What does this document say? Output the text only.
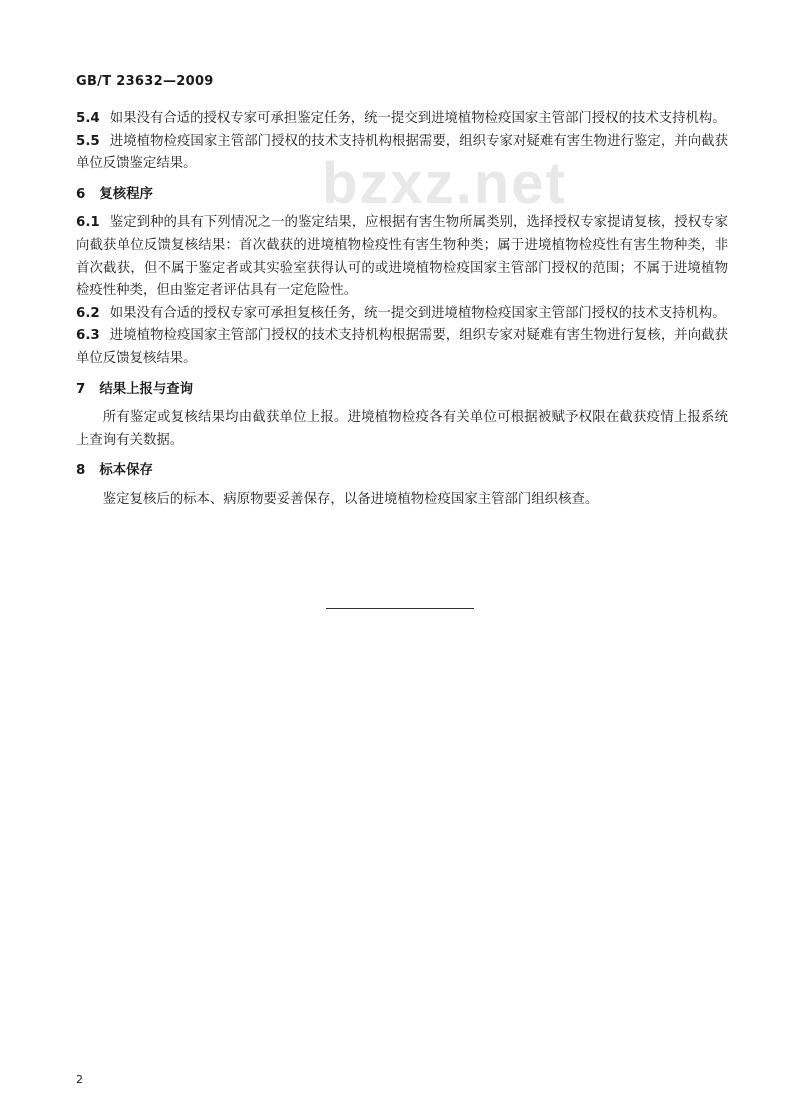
GB/T 23632—2009
bzxz.net

5.4 如果没有合适的授权专家可承担鉴定任务，统一提交到进境植物检疫国家主管部门授权的技术支持机构。

5.5 进境植物检疫国家主管部门授权的技术支持机构根据需要，组织专家对疑难有害生物进行鉴定，并向截获单位反馈鉴定结果。

6 复核程序

6.1 鉴定到种的具有下列情况之一的鉴定结果，应根据有害生物所属类别，选择授权专家提请复核，授权专家向截获单位反馈复核结果：首次截获的进境植物检疫性有害生物种类；属于进境植物检疫性有害生物种类，非首次截获，但不属于鉴定者或其实验室获得认可的或进境植物检疫国家主管部门授权的范围；不属于进境植物检疫性种类，但由鉴定者评估具有一定危险性。

6.2 如果没有合适的授权专家可承担复核任务，统一提交到进境植物检疫国家主管部门授权的技术支持机构。

6.3 进境植物检疫国家主管部门授权的技术支持机构根据需要，组织专家对疑难有害生物进行复核，并向截获单位反馈复核结果。

7 结果上报与查询

所有鉴定或复核结果均由截获单位上报。进境植物检疫各有关单位可根据被赋予权限在截获疫情上报系统上查询有关数据。

8 标本保存

鉴定复核后的标本、病原物要妥善保存，以备进境植物检疫国家主管部门组织核查。

2
